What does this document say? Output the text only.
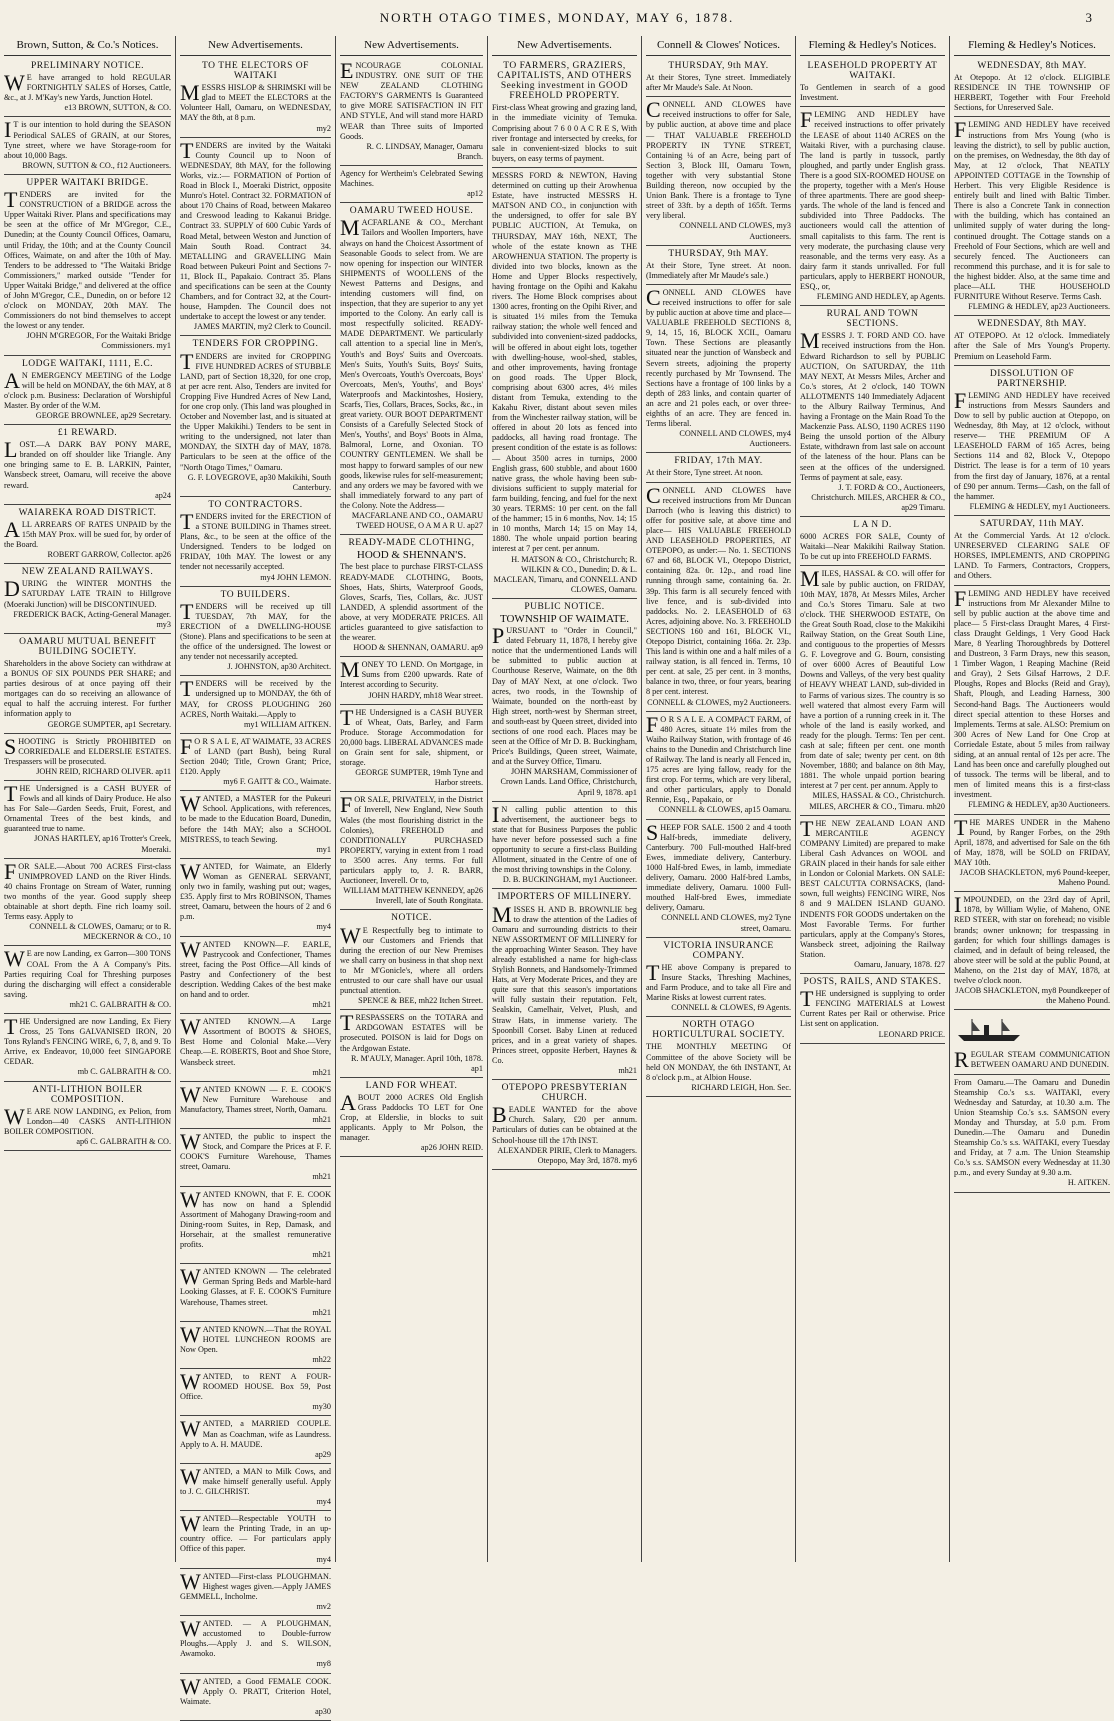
NORTH OTAGO TIMES, MONDAY, MAY 6, 1878.	3
Brown, Sutton, & Co.'s Notices.
PRELIMINARY NOTICE.

W E have arranged to hold REGULAR FORTNIGHTLY SALES of Horses, Cattle, &c., at J. M'Kay's new Yards, Junction Hotel.

e13 BROWN, SUTTON, & CO.

I T is our intention to hold during the SEASON Periodical SALES of GRAIN, at our Stores, Tyne street, where we have Storage-room for about 10,000 Bags.

BROWN, SUTTON & CO., f12 Auctioneers.
UPPER WAITAKI BRIDGE.

TENDERS are invited for the CONSTRUCTION of a BRIDGE across the Upper Waitaki River. Plans and specifications may be seen at the office of Mr M'Gregor, C.E., Dunedin; at the County Council Offices, Oamaru, until Friday, the 10th; and at the County Council Offices, Waimate, on and after the 10th of May. Tenders to be addressed to "The Waitaki Bridge Commissioners," marked outside "Tender for Upper Waitaki Bridge," and delivered at the office of John M'Gregor, C.E., Dunedin, on or before 12 o'clock on MONDAY, 20th MAY. The Commissioners do not bind themselves to accept the lowest or any tender.

JOHN M'GREGOR, For the Waitaki Bridge Commissioners. my1
LODGE WAITAKI, 1111, E.C.

A N EMERGENCY MEETING of the Lodge will be held on MONDAY, the 6th MAY, at 8 o'clock p.m. Business: Declaration of Worshipful Master. By order of the W.M.

GEORGE BROWNLEE, ap29 Secretary.
£1 REWARD.

LOST.—A DARK BAY PONY MARE, branded on off shoulder like Triangle. Any one bringing same to E. B. LARKIN, Painter, Wansbeck street, Oamaru, will receive the above reward.

ap24
WAIAREKA ROAD DISTRICT.

ALL ARREARS OF RATES UNPAID by the 15th MAY Prox. will be sued for, by order of the Board.

ROBERT GARROW, Collector. ap26
NEW ZEALAND RAILWAYS.

DURING the WINTER MONTHS the SATURDAY LATE TRAIN to Hillgrove (Moeraki Junction) will be DISCONTINUED.

FREDERICK BACK, Acting-General Manager. my3
OAMARU MUTUAL BENEFIT BUILDING SOCIETY.

Shareholders in the above Society can withdraw at a BONUS OF SIX POUNDS PER SHARE; and parties desirous of at once paying off their mortgages can do so receiving an allowance of equal to half the accruing interest. For further information apply to

GEORGE SUMPTER, ap1 Secretary.

SHOOTING is Strictly PROHIBITED on CORRIEDALE and ELDERSLIE ESTATES. Trespassers will be prosecuted.

JOHN REID, RICHARD OLIVER. ap11

THE Undersigned is a CASH BUYER of Fowls and all kinds of Dairy Produce. He also has For Sale—Garden Seeds, Fruit, Forest, and Ornamental Trees of the best kinds, and guaranteed true to name.

JONAS HARTLEY, ap16 Trotter's Creek, Moeraki.

FOR SALE.—About 700 ACRES First-class UNIMPROVED LAND on the River Hinds. 40 chains Frontage on Stream of Water, running two months of the year. Good supply sheep obtainable at short depth. Fine rich loamy soil. Terms easy. Apply to

CONNELL & CLOWES, Oamaru; or to R. MECKERNOR & CO., 10

W E are now Landing, ex Garron—300 TONS COAL From the A A Company's Pits. Parties requiring Coal for Threshing purposes during the discharging will effect a considerable saving.

mh21 C. GALBRAITH & CO.

THE Undersigned are now Landing, Ex Fiery Cross, 25 Tons GALVANISED IRON, 20 Tons Ryland's FENCING WIRE, 6, 7, 8, and 9. To Arrive, ex Endeavor, 10,000 feet SINGAPORE CEDAR.

mb C. GALBRAITH & CO.
ANTI-LITHION BOILER COMPOSITION.

W E ARE NOW LANDING, ex Pelion, from London—40 CASKS ANTI-LITHION BOILER COMPOSITION.

ap6 C. GALBRAITH & CO.
New Advertisements.
TO THE ELECTORS OF WAITAKI

MESSRS HISLOP & SHRIMSKI will be glad to MEET the ELECTORS at the Volunteer Hall, Oamaru, on WEDNESDAY, MAY the 8th, at 8 p.m.

my2

TENDERS are invited by the Waitaki County Council up to Noon of WEDNESDAY, 8th MAY, for the following Works, viz.:— FORMATION of Portion of Road in Block I., Moeraki District, opposite Munro's Hotel. Contract 32. FORMATION of about 170 Chains of Road, between Makareo and Creswood leading to Kakanui Bridge. Contract 33. SUPPLY of 600 Cubic Yards of Road Metal, between Weston and Junction of Main South Road. Contract 34. METALLING and GRAVELLING Main Road between Pukeuri Point and Sections 7-11, Block II., Papakaio. Contract 35. Plans and specifications can be seen at the County Chambers, and for Contract 32, at the Court-house, Hampden. The Council does not undertake to accept the lowest or any tender.

JAMES MARTIN, my2 Clerk to Council.
TENDERS FOR CROPPING.

TENDERS are invited for CROPPING FIVE HUNDRED ACRES of STUBBLE LAND, part of Section 18,320, for one crop, at per acre rent. Also, Tenders are invited for Cropping Five Hundred Acres of New Land, for one crop only. (This land was ploughed in October and November last, and is situated at the Upper Makikihi.) Tenders to be sent in writing to the undersigned, not later than MONDAY, the SIXTH day of MAY, 1878. Particulars to be seen at the office of the "North Otago Times," Oamaru.

G. F. LOVEGROVE, ap30 Makikihi, South Canterbury.
TO CONTRACTORS.

TENDERS invited for the ERECTION of a STONE BUILDING in Thames street. Plans, &c., to be seen at the office of the Undersigned. Tenders to be lodged on FRIDAY, 10th MAY. The lowest or any tender not necessarily accepted.

my4 JOHN LEMON.
TO BUILDERS.

TENDERS will be received up till TUESDAY, 7th MAY, for the ERECTION of a DWELLING-HOUSE (Stone). Plans and specifications to be seen at the office of the undersigned. The lowest or any tender not necessarily accepted.

J. JOHNSTON, ap30 Architect.

TENDERS will be received by the undersigned up to MONDAY, the 6th of MAY, for CROSS PLOUGHING 260 ACRES, North Waitaki.—Apply to

my1 WILLIAM AITKEN.

F O R S A L E, AT WAIMATE, 33 ACRES of LAND (part Bush), being Rural Section 2040; Title, Crown Grant; Price, £120. Apply

my6 F. GAITT & CO., Waimate.

WANTED, a MASTER for the Pukeuri School. Applications, with references, to be made to the Education Board, Dunedin, before the 14th MAY; also a SCHOOL MISTRESS, to teach Sewing.

my1

WANTED, for Waimate, an Elderly Woman as GENERAL SERVANT, only two in family, washing put out; wages, £35. Apply first to Mrs ROBINSON, Thames street, Oamaru, between the hours of 2 and 6 p.m.

my4

WANTED KNOWN—F. EARLE, Pastrycook and Confectioner, Thames street, facing the Post Office—All kinds of Pastry and Confectionery of the best description. Wedding Cakes of the best make on hand and to order.

mh21

WANTED KNOWN.—A Large Assortment of BOOTS & SHOES, Best Home and Colonial Make.—Very Cheap.—E. ROBERTS, Boot and Shoe Store, Wansbeck street.

mh21

WANTED KNOWN — F. E. COOK'S New Furniture Warehouse and Manufactory, Thames street, North, Oamaru.

mh21

WANTED, the public to inspect the Stock, and Compare the Prices at F. F. COOK'S Furniture Warehouse, Thames street, Oamaru.

mh21

WANTED KNOWN, that F. E. COOK has now on hand a Splendid Assortment of Mahogany Drawing-room and Dining-room Suites, in Rep, Damask, and Horsehair, at the smallest remunerative profits.

mh21

WANTED KNOWN — The celebrated German Spring Beds and Marble-hard Looking Glasses, at F. E. COOK'S Furniture Warehouse, Thames street.

mh21

WANTED KNOWN.—That the ROYAL HOTEL LUNCHEON ROOMS are Now Open.

mh22

WANTED, to RENT A FOUR-ROOMED HOUSE. Box 59, Post Office.

my30

WANTED, a MARRIED COUPLE. Man as Coachman, wife as Laundress. Apply to A. H. MAUDE.

ap29

WANTED, a MAN to Milk Cows, and make himself generally useful. Apply to J. C. GILCHRIST.

my4

WANTED—Respectable YOUTH to learn the Printing Trade, in an up-country office. — For particulars apply Office of this paper.

my4

WANTED—First-class PLOUGHMAN. Highest wages given.—Apply JAMES GEMMELL, Incholme.

mv2

WANTED. — A PLOUGHMAN, accustomed to Double-furrow Ploughs.—Apply J. and S. WILSON, Awamoko.

my8

WANTED, a Good FEMALE COOK. Apply O. PRATT, Criterion Hotel, Waimate.

ap30
New Advertisements.

ENCOURAGE COLONIAL INDUSTRY. ONE SUIT OF THE NEW ZEALAND CLOTHING FACTORY'S GARMENTS Is Guaranteed to give MORE SATISFACTION IN FIT AND STYLE, And will stand more HARD WEAR than Three suits of Imported Goods.

R. C. LINDSAY, Manager, Oamaru Branch.

Agency for Wertheim's Celebrated Sewing Machines.

ap12
OAMARU TWEED HOUSE.

MACFARLANE & CO., Merchant Tailors and Woollen Importers, have always on hand the Choicest Assortment of Seasonable Goods to select from. We are now opening for inspection our WINTER SHIPMENTS of WOOLLENS of the Newest Patterns and Designs, and intending customers will find, on inspection, that they are superior to any yet imported to the Colony. An early call is most respectfully solicited. READY-MADE DEPARTMENT. We particularly call attention to a special line in Men's, Youth's and Boys' Suits and Overcoats. Men's Suits, Youth's Suits, Boys' Suits, Men's Overcoats, Youth's Overcoats, Boys' Overcoats, Men's, Youths', and Boys' Waterproofs and Mackintoshes, Hosiery, Scarfs, Ties, Collars, Braces, Socks, &c., in great variety. OUR BOOT DEPARTMENT Consists of a Carefully Selected Stock of Men's, Youths', and Boys' Boots in Alma, Balmoral, Lorne, and Oxonian. TO COUNTRY GENTLEMEN. We shall be most happy to forward samples of our new goods, likewise rules for self-measurement; and any orders we may be favored with we shall immediately forward to any part of the Colony. Note the Address—

MACFARLANE AND CO., OAMARU TWEED HOUSE, O A M A R U. ap27
READY-MADE CLOTHING,
HOOD & SHENNAN'S.

The best place to purchase FIRST-CLASS READY-MADE CLOTHING, Boots, Shoes, Hats, Shirts, Waterproof Goods, Gloves, Scarfs, Ties, Collars, &c. JUST LANDED, A splendid assortment of the above, at very MODERATE PRICES. All articles guaranteed to give satisfaction to the wearer.

HOOD & SHENNAN, OAMARU. ap9

MONEY TO LEND. On Mortgage, in Sums from £200 upwards. Rate of Interest according to Security.

JOHN HARDY, mh18 Wear street.

THE Undersigned is a CASH BUYER of Wheat, Oats, Barley, and Farm Produce. Storage Accommodation for 20,000 bags. LIBERAL ADVANCES made on Grain sent for sale, shipment, or storage.

GEORGE SUMPTER, 19mh Tyne and Harbor streets.

FOR SALE, PRIVATELY, in the District of Inverell, New England, New South Wales (the most flourishing district in the Colonies), FREEHOLD and CONDITIONALLY PURCHASED PROPERTY, varying in extent from 1 road to 3500 acres. Any terms. For full particulars apply to, J. R. BARR, Auctioneer, Inverell. Or to,

WILLIAM MATTHEW KENNEDY, ap26 Inverell, late of South Rongitata.
NOTICE.

W E Respectfully beg to intimate to our Customers and Friends that during the erection of our New Premises we shall carry on business in that shop next to Mr M'Gonicle's, where all orders entrusted to our care shall have our usual punctual attention.

SPENCE & BEE, mh22 Itchen Street.

TRESPASSERS on the TOTARA and ARDGOWAN ESTATES will be prosecuted. POISON is laid for Dogs on the Ardgowan Estate.

R. M'AULY, Manager. April 10th, 1878. ap1
LAND FOR WHEAT.

ABOUT 2000 ACRES Old English Grass Paddocks TO LET for One Crop, at Elderslie, in blocks to suit applicants. Apply to Mr Polson, the manager.

ap26 JOHN REID.
New Advertisements.
TO FARMERS, GRAZIERS, CAPITALISTS, AND OTHERS Seeking investment in GOOD FREEHOLD PROPERTY.

First-class Wheat growing and grazing land, in the immediate vicinity of Temuka. Comprising about 7 6 0 0 A C R E S, With river frontage and intersected by creeks, for sale in convenient-sized blocks to suit buyers, on easy terms of payment.

MESSRS FORD & NEWTON, Having determined on cutting up their Arowhenua Estate, have instructed MESSRS H. MATSON AND CO., in conjunction with the undersigned, to offer for sale BY PUBLIC AUCTION, At Temuka, on THURSDAY, MAY 16th, NEXT, The whole of the estate known as THE AROWHENUA STATION. The property is divided into two blocks, known as the Home and Upper Blocks respectively, having frontage on the Opihi and Kakahu rivers. The Home Block comprises about 1300 acres, fronting on the Opihi River, and is situated 1½ miles from the Temuka railway station; the whole well fenced and subdivided into convenient-sized paddocks, will be offered in about eight lots, together with dwelling-house, wool-shed, stables, and other improvements, having frontage on good roads. The Upper Block, comprising about 6300 acres, 4½ miles distant from Temuka, extending to the Kakahu River, distant about seven miles from the Winchester railway station, will be offered in about 20 lots as fenced into paddocks, all having road frontage. The present condition of the estate is as follows:— About 3500 acres in turnips, 2000 English grass, 600 stubble, and about 1600 native grass, the whole having been sub-divisions sufficient to supply material for farm building, fencing, and fuel for the next 30 years. TERMS: 10 per cent. on the fall of the hammer; 15 in 6 months, Nov. 14; 15 in 10 months, March 14; 15 on May 14, 1880. The whole unpaid portion bearing interest at 7 per cent. per annum.

H. MATSON & CO., Christchurch; R. WILKIN & CO., Dunedin; D. & L. MACLEAN, Timaru, and CONNELL AND CLOWES, Oamaru.
PUBLIC NOTICE.
TOWNSHIP OF WAIMATE.

PURSUANT to "Order in Council," dated February 11, 1878, I hereby give notice that the undermentioned Lands will be submitted to public auction at Courthouse Reserve, Waimate, on the 8th Day of MAY Next, at one o'clock. Two acres, two roods, in the Township of Waimate, bounded on the north-east by High street, north-west by Sherman street, and south-east by Queen street, divided into sections of one rood each. Places may be seen at the Office of Mr D. B. Buckingham, Price's Buildings, Queen street, Waimate, and at the Survey Office, Timaru.

JOHN MARSHAM, Commissioner of Crown Lands. Land Office, Christchurch, April 9, 1878. ap1

I N calling public attention to this advertisement, the auctioneer begs to state that for Business Purposes the public have never before possessed such a fine opportunity to secure a first-class Building Allotment, situated in the Centre of one of the most thriving townships in the Colony.

D. B. BUCKINGHAM, my1 Auctioneer.
IMPORTERS OF MILLINERY.

MISSES H. AND B. BROWNLIE beg to draw the attention of the Ladies of Oamaru and surrounding districts to their NEW ASSORTMENT OF MILLINERY for the approaching Winter Season. They have already established a name for high-class Stylish Bonnets, and Handsomely-Trimmed Hats, at Very Moderate Prices, and they are quite sure that this season's importations will fully sustain their reputation. Felt, Sealskin, Camelhair, Velvet, Plush, and Straw Hats, in immense variety. The Spoonbill Corset. Baby Linen at reduced prices, and in a great variety of shapes. Princes street, opposite Herbert, Haynes & Co.

mh21
OTEPOPO PRESBYTERIAN CHURCH.

BEADLE WANTED for the above Church. Salary, £20 per annum. Particulars of duties can be obtained at the School-house till the 17th INST.

ALEXANDER PIRIE, Clerk to Managers. Otepopo, May 3rd, 1878. my6
Connell & Clowes' Notices.
THURSDAY, 9th MAY.

At their Stores, Tyne street. Immediately after Mr Maude's Sale. At Noon.

CONNELL AND CLOWES have received instructions to offer for Sale, by public auction, at above time and place— THAT VALUABLE FREEHOLD PROPERTY IN TYNE STREET, Containing ¼ of an Acre, being part of Section 3, Block III, Oamaru Town, together with very substantial Stone Building thereon, now occupied by the Union Bank. There is a frontage to Tyne street of 33ft. by a depth of 165ft. Terms very liberal.

CONNELL AND CLOWES, my3 Auctioneers.
THURSDAY, 9th MAY.

At their Store, Tyne street. At noon. (Immediately after Mr Maude's sale.)

CONNELL AND CLOWES have received instructions to offer for sale by public auction at above time and place— VALUABLE FREEHOLD SECTIONS 8, 9, 14, 15, 16, BLOCK XCII., Oamaru Town. These Sections are pleasantly situated near the junction of Wansbeck and Severn streets, adjoining the property recently purchased by Mr Townsend. The Sections have a frontage of 100 links by a depth of 283 links, and contain quarter of an acre and 21 poles each, or over three-eighths of an acre. They are fenced in. Terms liberal.

CONNELL AND CLOWES, my4 Auctioneers.
FRIDAY, 17th MAY.

At their Store, Tyne street. At noon.

CONNELL AND CLOWES have received instructions from Mr Duncan Darroch (who is leaving this district) to offer for positive sale, at above time and place— HIS VALUABLE FREEHOLD AND LEASEHOLD PROPERTIES, AT OTEPOPO, as under:— No. 1. SECTIONS 67 and 68, BLOCK VI., Otepopo District, containing 82a. 0r. 12p., and road line running through same, containing 6a. 2r. 39p. This farm is all securely fenced with live fence, and is sub-divided into paddocks. No. 2. LEASEHOLD of 63 Acres, adjoining above. No. 3. FREEHOLD SECTIONS 160 and 161, BLOCK VI., Otepopo District, containing 166a. 2r. 23p. This land is within one and a half miles of a railway station, is all fenced in. Terms, 10 per cent. at sale, 25 per cent. in 3 months, balance in two, three, or four years, bearing 8 per cent. interest.

CONNELL & CLOWES, my2 Auctioneers.

F O R S A L E. A COMPACT FARM, of 480 Acres, situate 1½ miles from the Waiho Railway Station, with frontage of 46 chains to the Dunedin and Christchurch line of Railway. The land is nearly all Fenced in, 175 acres are lying fallow, ready for the first crop. For terms, which are very liberal, and other particulars, apply to Donald Rennie, Esq., Papakaio, or

CONNELL & CLOWES, ap15 Oamaru.

SHEEP FOR SALE. 1500 2 and 4 tooth Half-breds, immediate delivery, Canterbury. 700 Full-mouthed Half-bred Ewes, immediate delivery, Canterbury. 1000 Half-bred Ewes, in lamb, immediate delivery, Oamaru. 2000 Half-bred Lambs, immediate delivery, Oamaru. 1000 Full-mouthed Half-bred Ewes, immediate delivery, Oamaru.

CONNELL AND CLOWES, my2 Tyne street, Oamaru.
VICTORIA INSURANCE COMPANY.

THE above Company is prepared to Insure Stacks, Threshing Machines, and Farm Produce, and to take all Fire and Marine Risks at lowest current rates.

CONNELL & CLOWES, f9 Agents.
NORTH OTAGO HORTICULTURAL SOCIETY.

THE MONTHLY MEETING Of Committee of the above Society will be held ON MONDAY, the 6th INSTANT, At 8 o'clock p.m., at Albion House.

RICHARD LEIGH, Hon. Sec.
Fleming & Hedley's Notices.
LEASEHOLD PROPERTY AT WAITAKI.

To Gentlemen in search of a good Investment.

FLEMING AND HEDLEY have received instructions to offer privately the LEASE of about 1140 ACRES on the Waitaki River, with a purchasing clause. The land is partly in tussock, partly ploughed, and partly under English grass. There is a good SIX-ROOMED HOUSE on the property, together with a Men's House of three apartments. There are good sheep-yards. The whole of the land is fenced and subdivided into Three Paddocks. The auctioneers would call the attention of small capitalists to this farm. The rent is very moderate, the purchasing clause very reasonable, and the terms very easy. As a dairy farm it stands unrivalled. For full particulars, apply to HERBERT HONOUR, ESQ., or,

FLEMING AND HEDLEY, ap Agents.
RURAL AND TOWN SECTIONS.

MESSRS J. T. FORD AND CO. have received instructions from the Hon. Edward Richardson to sell by PUBLIC AUCTION, On SATURDAY, the 11th MAY NEXT, At Messrs Miles, Archer and Co.'s stores, At 2 o'clock, 140 TOWN ALLOTMENTS 140 Immediately Adjacent to the Albury Railway Terminus, And having a Frontage on the Main Road To the Mackenzie Pass. ALSO, 1190 ACRES 1190 Being the unsold portion of the Albury Estate, withdrawn from last sale on account of the lateness of the hour. Plans can be seen at the offices of the undersigned. Terms of payment at sale, easy.

J. T. FORD & CO., Auctioneers, Christchurch. MILES, ARCHER & CO., ap29 Timaru.
L A N D.

6000 ACRES FOR SALE, County of Waitaki—Near Makikihi Railway Station. To be cut up into FREEHOLD FARMS.

MILES, HASSAL & CO. will offer for sale by public auction, on FRIDAY, 10th MAY, 1878, At Messrs Miles, Archer and Co.'s Stores Timaru. Sale at two o'clock. THE SHERWOOD ESTATE, On the Great South Road, close to the Makikihi Railway Station, on the Great South Line, and contiguous to the properties of Messrs G. F. Lovegrove and G. Bourn, consisting of over 6000 Acres of Beautiful Low Downs and Valleys, of the very best quality of HEAVY WHEAT LAND, sub-divided in to Farms of various sizes. The country is so well watered that almost every Farm will have a portion of a running creek in it. The whole of the land is easily worked, and ready for the plough. Terms: Ten per cent. cash at sale; fifteen per cent. one month from date of sale; twenty per cent. on 8th November, 1880; and balance on 8th May, 1881. The whole unpaid portion bearing interest at 7 per cent. per annum. Apply to

MILES, HASSAL & CO., Christchurch. MILES, ARCHER & CO., Timaru. mh20

THE NEW ZEALAND LOAN AND MERCANTILE AGENCY COMPANY Limited) are prepared to make Liberal Cash Advances on WOOL and GRAIN placed in their hands for sale either in London or Colonial Markets. ON SALE: BEST CALCUTTA CORNSACKS, (land-sown, full weights) FENCING WIRE, Nos 8 and 9 MALDEN ISLAND GUANO. INDENTS FOR GOODS undertaken on the Most Favorable Terms. For further particulars, apply at the Company's Stores, Wansbeck street, adjoining the Railway Station.

Oamaru, January, 1878. f27
POSTS, RAILS, AND STAKES.

THE undersigned is supplying to order FENCING MATERIALS at Lowest Current Rates per Rail or otherwise. Price List sent on application.

LEONARD PRICE.
Fleming & Hedley's Notices.
WEDNESDAY, 8th MAY.

At Otepopo. At 12 o'clock. ELIGIBLE RESIDENCE IN THE TOWNSHIP OF HERBERT, Together with Four Freehold Sections, for Unreserved Sale.

FLEMING AND HEDLEY have received instructions from Mrs Young (who is leaving the district), to sell by public auction, on the premises, on Wednesday, the 8th day of May, at 12 o'clock, That NEATLY APPOINTED COTTAGE in the Township of Herbert. This very Eligible Residence is entirely built and lined with Baltic Timber. There is also a Concrete Tank in connection with the building, which has contained an unlimited supply of water during the long-continued drought. The Cottage stands on a Freehold of Four Sections, which are well and securely fenced. The Auctioneers can recommend this purchase, and it is for sale to the highest bidder. Also, at the same time and place—ALL THE HOUSEHOLD FURNITURE Without Reserve. Terms Cash.

FLEMING & HEDLEY, ap23 Auctioneers.
WEDNESDAY, 8th MAY.

AT OTEPOPO. At 12 o'clock. Immediately after the Sale of Mrs Young's Property. Premium on Leasehold Farm.

DISSOLUTION OF PARTNERSHIP.

FLEMING AND HEDLEY have received instructions from Messrs Saunders and Dow to sell by public auction at Otepopo, on Wednesday, 8th May, at 12 o'clock, without reserve— THE PREMIUM OF A LEASEHOLD FARM of 165 Acres, being Sections 114 and 82, Block V., Otepopo District. The lease is for a term of 10 years from the first day of January, 1876, at a rental of £90 per annum. Terms—Cash, on the fall of the hammer.

FLEMING & HEDLEY, my1 Auctioneers.
SATURDAY, 11th MAY.

At the Commercial Yards. At 12 o'clock. UNRESERVED CLEARING SALE OF HORSES, IMPLEMENTS, AND CROPPING LAND. To Farmers, Contractors, Croppers, and Others.

FLEMING AND HEDLEY have received instructions from Mr Alexander Milne to sell by public auction at the above time and place— 5 First-class Draught Mares, 4 First-class Draught Geldings, 1 Very Good Hack Mare, 8 Yearling Thoroughbreds by Dotterel and Dustreon, 3 Farm Drays, new this season, 1 Timber Wagon, 1 Reaping Machine (Reid and Gray), 2 Sets Gilsaf Harrows, 2 D.F. Ploughs, Ropes and Blocks (Reid and Gray), Shaft, Plough, and Leading Harness, 300 Second-hand Bags. The Auctioneers would direct special attention to these Horses and Implements. Terms at sale. ALSO: Premium on 300 Acres of New Land for One Crop at Corriedale Estate, about 5 miles from railway siding, at an annual rental of 12s per acre. The Land has been once and carefully ploughed out of tussock. The terms will be liberal, and to men of limited means this is a first-class investment.

FLEMING & HEDLEY, ap30 Auctioneers.

THE MARES UNDER in the Maheno Pound, by Ranger Forbes, on the 29th April, 1878, and advertised for Sale on the 6th of May, 1878, will be SOLD on FRIDAY, MAY 10th.

JACOB SHACKLETON, my6 Pound-keeper, Maheno Pound.

IMPOUNDED, on the 23rd day of April, 1878, by William Wylie, of Maheno, ONE RED STEER, with star on forehead; no visible brands; owner unknown; for trespassing in garden; for which four shillings damages is claimed, and in default of being released, the above steer will be sold at the public Pound, at Maheno, on the 21st day of MAY, 1878, at twelve o'clock noon.

JACOB SHACKLETON, my8 Poundkeeper of the Maheno Pound.

REGULAR STEAM COMMUNICATION BETWEEN OAMARU AND DUNEDIN.

From Oamaru.—The Oamaru and Dunedin Steamship Co.'s s.s. WAITAKI, every Wednesday and Saturday, at 10.30 a.m. The Union Steamship Co.'s s.s. SAMSON every Monday and Thursday, at 5.0 p.m. From Dunedin.—The Oamaru and Dunedin Steamship Co.'s s.s. WAITAKI, every Tuesday and Friday, at 7 a.m. The Union Steamship Co.'s s.s. SAMSON every Wednesday at 11.30 p.m., and every Sunday at 9.30 a.m.

H. AITKEN.
